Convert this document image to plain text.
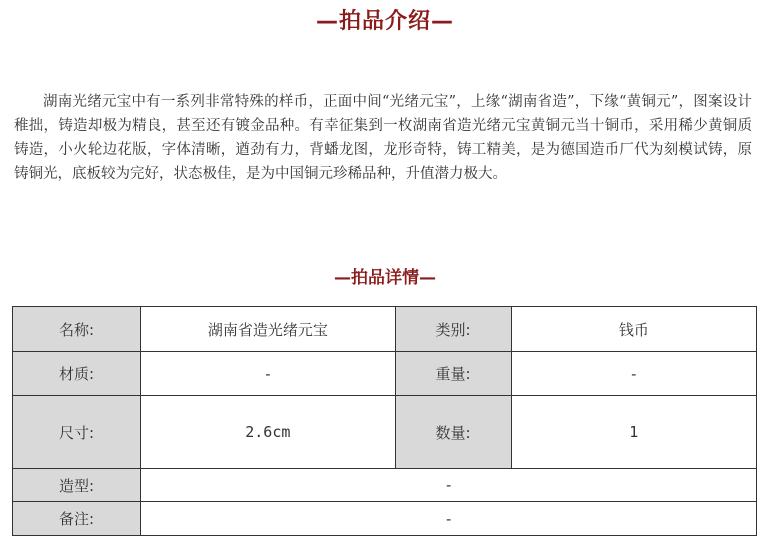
—拍品介绍—

湖南光绪元宝中有一系列非常特殊的样币，正面中间“光绪元宝”，上缘“湖南省造”，下缘“黄铜元”，图案设计稚拙，铸造却极为精良，甚至还有镀金品种。有幸征集到一枚湖南省造光绪元宝黄铜元当十铜币，采用稀少黄铜质铸造，小火轮边花版，字体清晰，遒劲有力，背蟠龙图，龙形奇特，铸工精美，是为德国造币厂代为刻模试铸，原铸铜光，底板较为完好，状态极佳，是为中国铜元珍稀品种，升值潜力极大。

—拍品详情—
名称:	湖南省造光绪元宝	类别:	钱币
材质:	-	重量:	-
尺寸:	2.6cm	数量:	1
造型:	-		
备注:	-		
